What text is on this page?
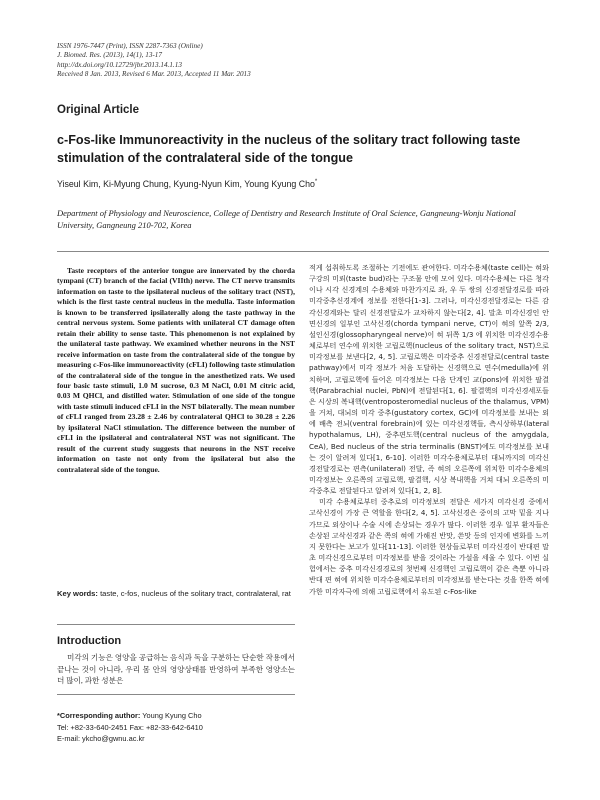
ISSN 1976-7447 (Print), ISSN 2287-7363 (Online)
J. Biomed. Res. (2013), 14(1), 13-17
http://dx.doi.org/10.12729/jbr.2013.14.1.13
Received 8 Jan. 2013, Revised 6 Mar. 2013, Accepted 11 Mar. 2013
Original Article
c-Fos-like Immunoreactivity in the nucleus of the solitary tract following taste stimulation of the contralateral side of the tongue
Yiseul Kim, Ki-Myung Chung, Kyung-Nyun Kim, Young Kyung Cho*
Department of Physiology and Neuroscience, College of Dentistry and Research Institute of Oral Science, Gangneung-Wonju National University, Gangneung 210-702, Korea
Taste receptors of the anterior tongue are innervated by the chorda tympani (CT) branch of the facial (VIIth) nerve. The CT nerve transmits information on taste to the ipsilateral nucleus of the solitary tract (NST), which is the first taste central nucleus in the medulla. Taste information is known to be transferred ipsilaterally along the taste pathway in the central nervous system. Some patients with unilateral CT damage often retain their ability to sense taste. This phenomenon is not explained by the unilateral taste pathway. We examined whether neurons in the NST receive information on taste from the contralateral side of the tongue by measuring c-Fos-like immunoreactivity (cFLI) following taste stimulation of the contralateral side of the tongue in the anesthetized rats. We used four basic taste stimuli, 1.0 M sucrose, 0.3 M NaCl, 0.01 M citric acid, 0.03 M QHCl, and distilled water. Stimulation of one side of the tongue with taste stimuli induced cFLI in the NST bilaterally. The mean number of cFLI ranged from 23.28 ± 2.46 by contralateral QHCl to 30.28 ± 2.26 by ipsilateral NaCl stimulation. The difference between the number of cFLI in the ipsilateral and contralateral NST was not significant. The result of the current study suggests that neurons in the NST receive information on taste not only from the ipsilateral but also the contralateral side of the tongue.
Key words: taste, c-fos, nucleus of the solitary tract, contralateral, rat
Introduction
미각의 기능은 영양을 공급하는 음식과 독을 구분하는 단순한 작용에서 끝나는 것이 아니라, 우리 몸 안의 영양상태를 반영하여 부족한 영양소는 더 많이, 과한 성분은
*Corresponding author: Young Kyung Cho
Tel: +82-33-640-2451 Fax: +82-33-642-6410
E-mail: ykcho@gwnu.ac.kr

적게 섭취하도록 조절하는 기전에도 관여한다. 미각수용체(taste cell)는 혀와 구강의 미뢰(taste bud)라는 구조물 안에 모여 있다. 미각수용체는 다른 청각이나 시각 신경계의 수용체와 마찬가지로 좌, 우 두 쌍의 신경전달경로를 따라 미각중추신경계에 정보를 전한다[1-3]. 그러나, 미각신경전달경로는 다른 감각신경계와는 달리 신경전달로가 교차하지 않는다[2, 4]. 말초 미각신경인 안면신경의 일부인 고삭신경(chorda tympani nerve, CT)이 혀의 앞쪽 2/3, 설인신경(glossopharyngeal nerve)이 혀 뒤쪽 1/3 에 위치한 미각신경수용체로부터 연수에 위치한 고립로핵(nucleus of the solitary tract, NST)으로 미각정보를 보낸다[2, 4, 5]. 고립로핵은 미각중추 신경전달로(central taste pathway)에서 미각 정보가 처음 도달하는 신경핵으로 연수(medulla)에 위치하며, 고립로핵에 들어온 미각정보는 다음 단계인 교(pons)에 위치한 팔결핵(Parabrachial nuclei, PbN)에 전달된다[1, 6]. 팔결핵의 미각신경세포들은 시상의 복내핵(ventroposteromedial nucleus of the thalamus, VPM)을 거쳐, 대뇌의 미각 중추(gustatory cortex, GC)에 미각정보를 보내는 외에 배측 전뇌(ventral forebrain)에 있는 미각신경핵들, 측시상하부(lateral hypothalamus, LH), 중추편도핵(central nucleus of the amygdala, CeA), Bed nucleus of the stria terminalis (BNST)에도 미각정보를 보내는 것이 알려져 있다[1, 6-10]. 이러한 미각수용체로부터 대뇌까지의 미각신경전달경로는 편측(unilateral) 전달, 즉 혀의 오른쪽에 위치한 미각수용체의 미각정보는 오른쪽의 고립로핵, 팔결핵, 시상 복내핵을 거쳐 대뇌 오른쪽의 미각중추로 전달된다고 알려져 있다[1, 2, 8].

미각 수용체로부터 중추로의 미각정보의 전달은 세가지 미각신경 중에서 고삭신경이 가장 큰 역할을 한다[2, 4, 5]. 고삭신경은 중이의 고막 밑을 지나가므로 외상이나 수술 시에 손상되는 경우가 많다. 이러한 경우 일부 환자들은 손상된 고삭신경과 같은 쪽의 혀에 가해진 반맛, 쓴맛 등의 인지에 변화를 느끼지 못한다는 보고가 있다[11-13]. 이러한 현상들로부터 미각신경이 반대편 말초 미각신경으로부터 미각정보를 받을 것이라는 가설을 세울 수 있다. 이번 실험에서는 중추 미각신경경로의 첫번째 신경핵인 고립로핵이 같은 측뿐 아니라 반대 편 혀에 위치한 미각수용체로부터의 미각정보를 받는다는 것을 한쪽 혀에 가한 미각자극에 의해 고립로핵에서 유도된 c-Fos-like
